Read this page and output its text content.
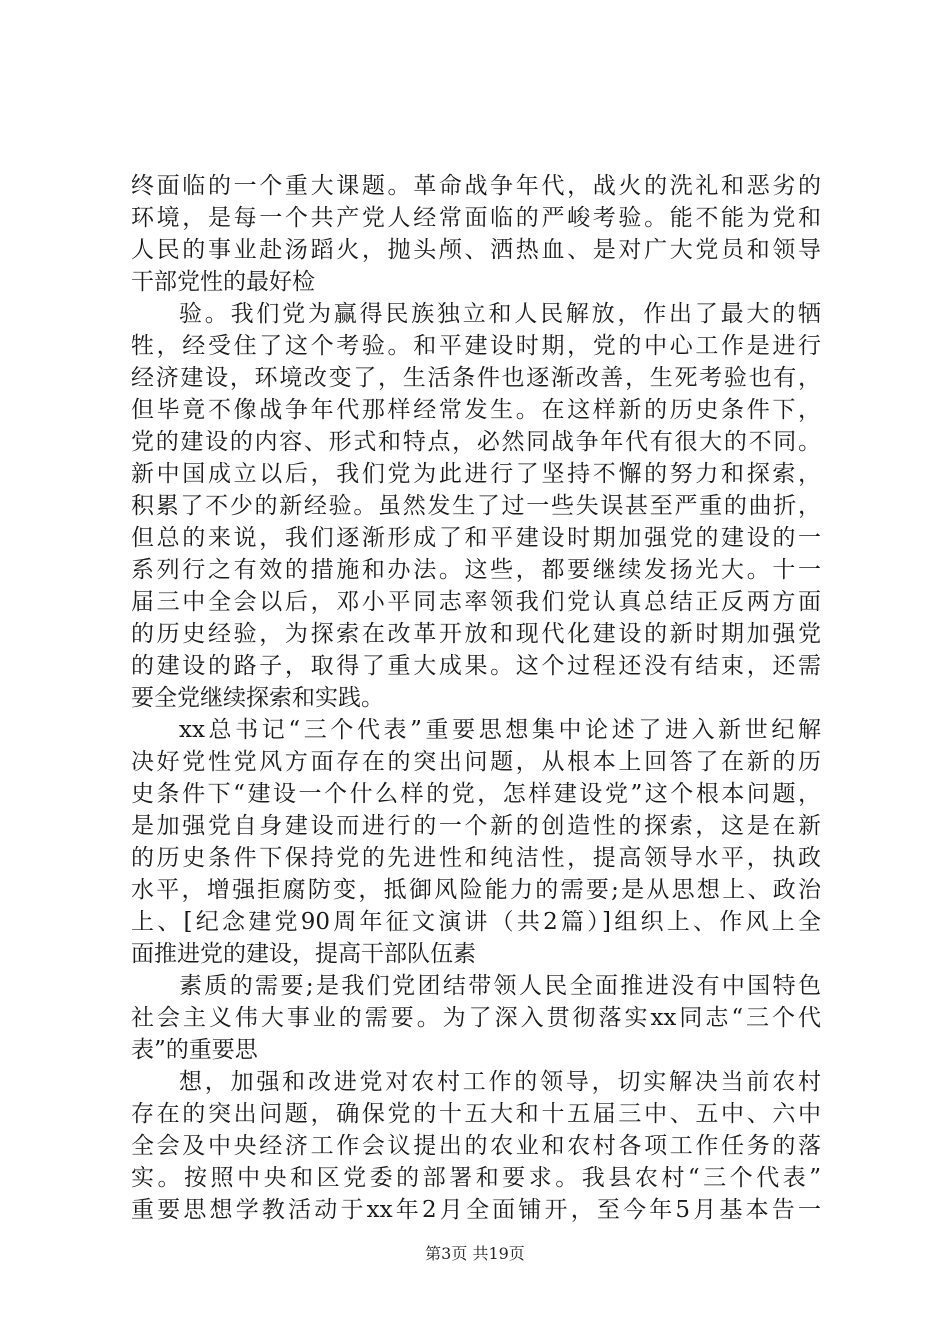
终面临的一个重大课题。革命战争年代，战火的洗礼和恶劣的
环境，是每一个共产党人经常面临的严峻考验。能不能为党和
人民的事业赴汤蹈火，抛头颅、洒热血、是对广大党员和领导
干部党性的最好检
验。我们党为赢得民族独立和人民解放，作出了最大的牺
牲，经受住了这个考验。和平建设时期，党的中心工作是进行
经济建设，环境改变了，生活条件也逐渐改善，生死考验也有，
但毕竟不像战争年代那样经常发生。在这样新的历史条件下，
党的建设的内容、形式和特点，必然同战争年代有很大的不同。
新中国成立以后，我们党为此进行了坚持不懈的努力和探索，
积累了不少的新经验。虽然发生了过一些失误甚至严重的曲折，
但总的来说，我们逐渐形成了和平建设时期加强党的建设的一
系列行之有效的措施和办法。这些，都要继续发扬光大。十一
届三中全会以后，邓小平同志率领我们党认真总结正反两方面
的历史经验，为探索在改革开放和现代化建设的新时期加强党
的建设的路子，取得了重大成果。这个过程还没有结束，还需
要全党继续探索和实践。
xx总书记“三个代表”重要思想集中论述了进入新世纪解
决好党性党风方面存在的突出问题，从根本上回答了在新的历
史条件下“建设一个什么样的党，怎样建设党”这个根本问题，
是加强党自身建设而进行的一个新的创造性的探索，这是在新
的历史条件下保持党的先进性和纯洁性，提高领导水平，执政
水平，增强拒腐防变，抵御风险能力的需要;是从思想上、政治
上、[纪念建党90周年征文演讲（共2篇）]组织上、作风上全
面推进党的建设，提高干部队伍素
素质的需要;是我们党团结带领人民全面推进没有中国特色
社会主义伟大事业的需要。为了深入贯彻落实xx同志“三个代
表”的重要思
想，加强和改进党对农村工作的领导，切实解决当前农村
存在的突出问题，确保党的十五大和十五届三中、五中、六中
全会及中央经济工作会议提出的农业和农村各项工作任务的落
实。按照中央和区党委的部署和要求。我县农村“三个代表”
重要思想学教活动于xx年2月全面铺开，至今年5月基本告一
第3页 共19页
